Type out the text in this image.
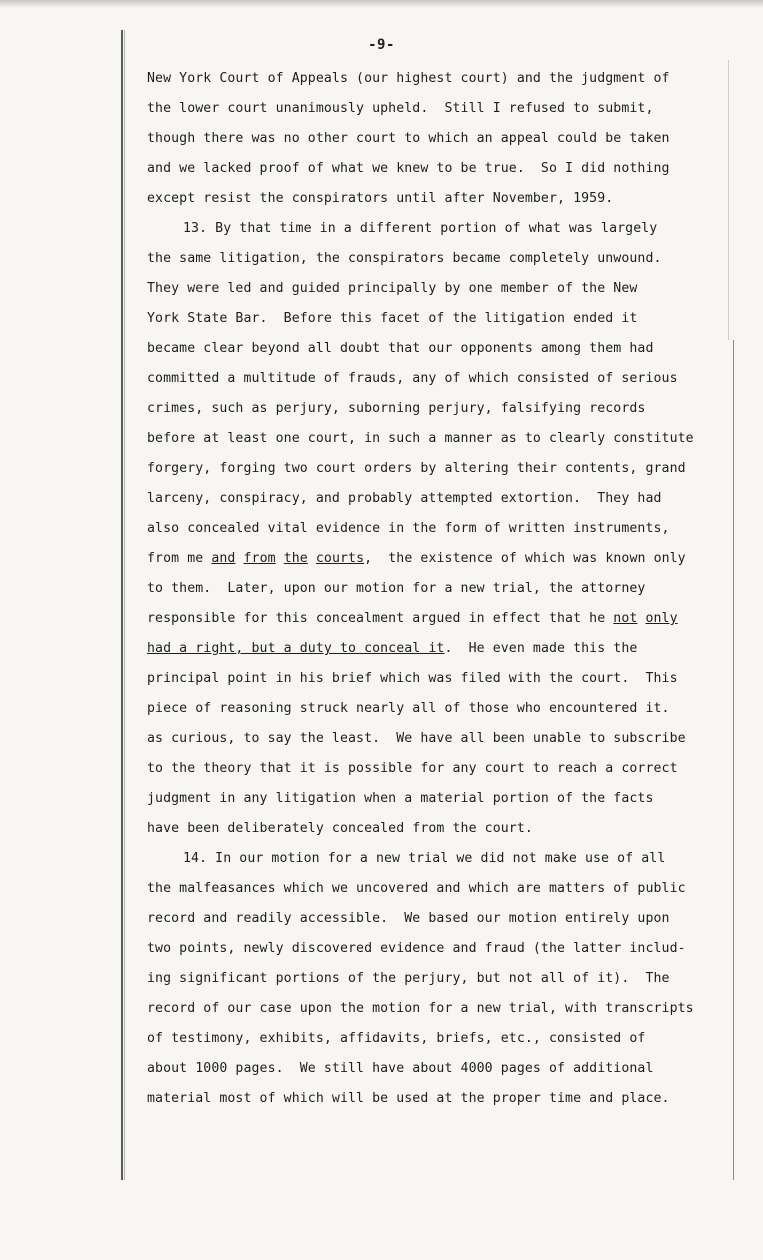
-9-
New York Court of Appeals (our highest court) and the judgment of
the lower court unanimously upheld.  Still I refused to submit,
though there was no other court to which an appeal could be taken
and we lacked proof of what we knew to be true.  So I did nothing
except resist the conspirators until after November, 1959.
13. By that time in a different portion of what was largely
the same litigation, the conspirators became completely unwound.
They were led and guided principally by one member of the New
York State Bar.  Before this facet of the litigation ended it
became clear beyond all doubt that our opponents among them had
committed a multitude of frauds, any of which consisted of serious
crimes, such as perjury, suborning perjury, falsifying records
before at least one court, in such a manner as to clearly constitute
forgery, forging two court orders by altering their contents, grand
larceny, conspiracy, and probably attempted extortion.  They had
also concealed vital evidence in the form of written instruments,
from me and from the courts,  the existence of which was known only
to them.  Later, upon our motion for a new trial, the attorney
responsible for this concealment argued in effect that he not only
had a right, but a duty to conceal it.  He even made this the
principal point in his brief which was filed with the court.  This
piece of reasoning struck nearly all of those who encountered it.
as curious, to say the least.  We have all been unable to subscribe
to the theory that it is possible for any court to reach a correct
judgment in any litigation when a material portion of the facts
have been deliberately concealed from the court.
14. In our motion for a new trial we did not make use of all
the malfeasances which we uncovered and which are matters of public
record and readily accessible.  We based our motion entirely upon
two points, newly discovered evidence and fraud (the latter includ-
ing significant portions of the perjury, but not all of it).  The
record of our case upon the motion for a new trial, with transcripts
of testimony, exhibits, affidavits, briefs, etc., consisted of
about 1000 pages.  We still have about 4000 pages of additional
material most of which will be used at the proper time and place.
